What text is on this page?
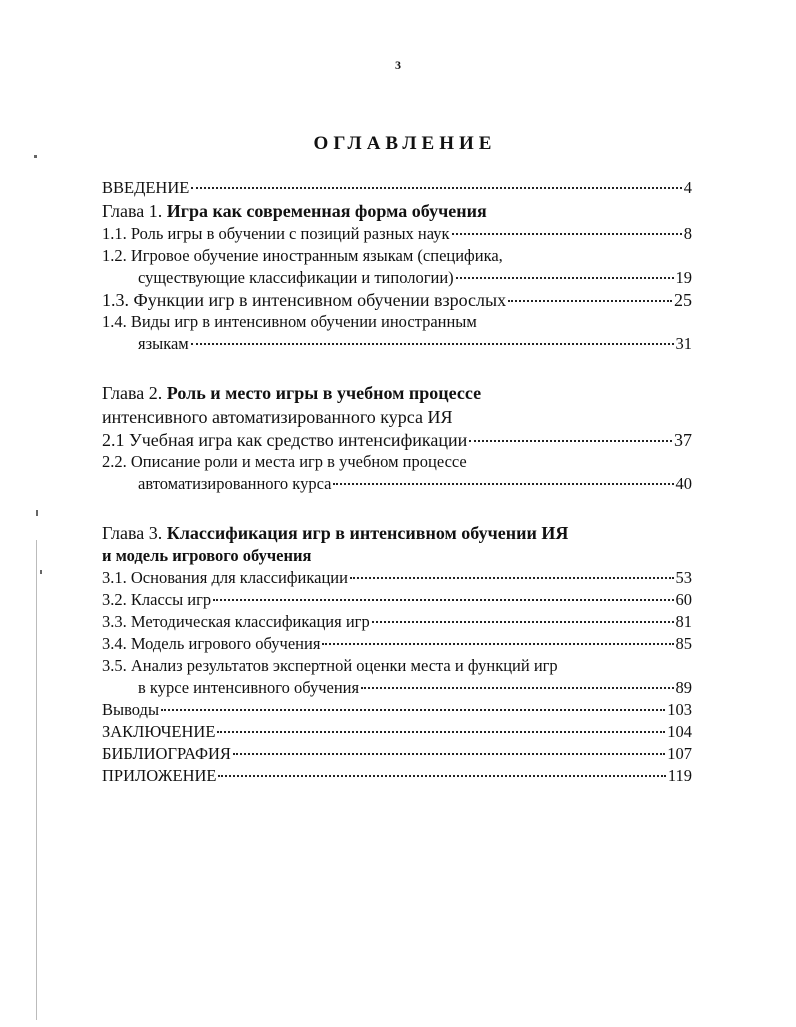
3
ОГЛАВЛЕНИЕ
ВВЕДЕНИЕ	4
Глава 1. Игра как современная форма обучения
1.1. Роль игры в обучении с позиций разных наук	8
1.2. Игровое обучение иностранным языкам (специфика,
существующие классификации и типологии)	19
1.3. Функции игр в интенсивном обучении взрослых	25
1.4. Виды игр в интенсивном обучении иностранным
языкам	31
Глава 2. Роль и место игры в учебном процессе
интенсивного автоматизированного курса ИЯ
2.1 Учебная игра как средство интенсификации	37
2.2. Описание роли и места игр в учебном процессе
автоматизированного курса	40
Глава 3. Классификация игр в интенсивном обучении ИЯ
и модель игрового обучения
3.1. Основания для классификации	53
3.2. Классы игр	60
3.3. Методическая классификация игр	81
3.4. Модель игрового обучения	85
3.5. Анализ результатов экспертной оценки места и функций игр
в курсе интенсивного обучения	89
Выводы	103
ЗАКЛЮЧЕНИЕ	104
БИБЛИОГРАФИЯ	107
ПРИЛОЖЕНИЕ	119
